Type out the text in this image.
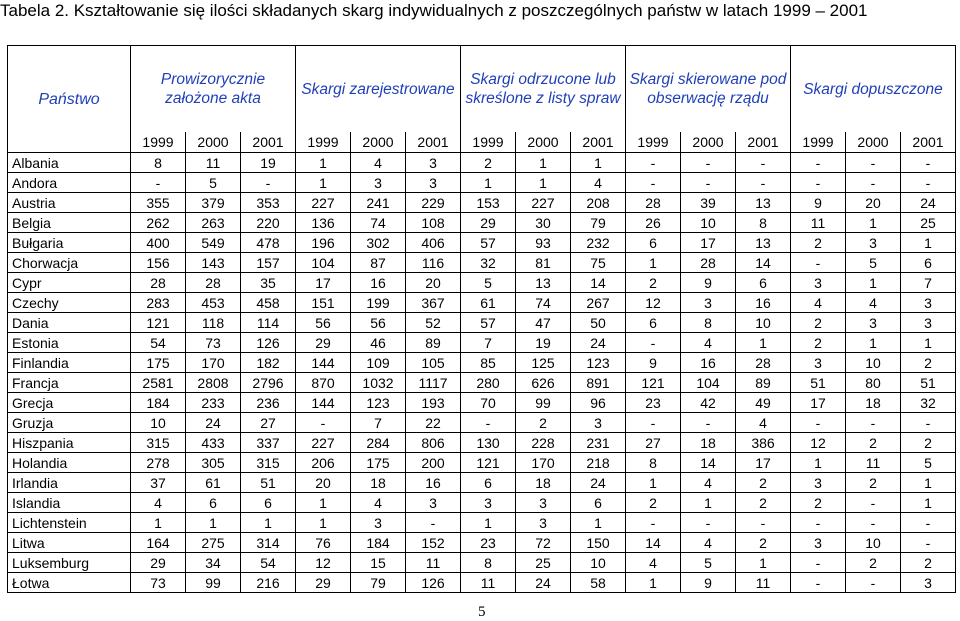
Tabela 2. Kształtowanie się ilości składanych skarg indywidualnych z poszczególnych państw w latach 1999 – 2001
Państwo	Prowizorycznie założone akta			Skargi zarejestrowane			Skargi odrzucone lub skreślone z listy spraw			Skargi skierowane pod obserwację rządu			Skargi dopuszczone		
	1999	2000	2001	1999	2000	2001	1999	2000	2001	1999	2000	2001	1999	2000	2001
Albania	8	11	19	1	4	3	2	1	1	-	-	-	-	-	-
Andora	-	5	-	1	3	3	1	1	4	-	-	-	-	-	-
Austria	355	379	353	227	241	229	153	227	208	28	39	13	9	20	24
Belgia	262	263	220	136	74	108	29	30	79	26	10	8	11	1	25
Bułgaria	400	549	478	196	302	406	57	93	232	6	17	13	2	3	1
Chorwacja	156	143	157	104	87	116	32	81	75	1	28	14	-	5	6
Cypr	28	28	35	17	16	20	5	13	14	2	9	6	3	1	7
Czechy	283	453	458	151	199	367	61	74	267	12	3	16	4	4	3
Dania	121	118	114	56	56	52	57	47	50	6	8	10	2	3	3
Estonia	54	73	126	29	46	89	7	19	24	-	4	1	2	1	1
Finlandia	175	170	182	144	109	105	85	125	123	9	16	28	3	10	2
Francja	2581	2808	2796	870	1032	1117	280	626	891	121	104	89	51	80	51
Grecja	184	233	236	144	123	193	70	99	96	23	42	49	17	18	32
Gruzja	10	24	27	-	7	22	-	2	3	-	-	4	-	-	-
Hiszpania	315	433	337	227	284	806	130	228	231	27	18	386	12	2	2
Holandia	278	305	315	206	175	200	121	170	218	8	14	17	1	11	5
Irlandia	37	61	51	20	18	16	6	18	24	1	4	2	3	2	1
Islandia	4	6	6	1	4	3	3	3	6	2	1	2	2	-	1
Lichtenstein	1	1	1	1	3	-	1	3	1	-	-	-	-	-	-
Litwa	164	275	314	76	184	152	23	72	150	14	4	2	3	10	-
Luksemburg	29	34	54	12	15	11	8	25	10	4	5	1	-	2	2
Łotwa	73	99	216	29	79	126	11	24	58	1	9	11	-	-	3
5
